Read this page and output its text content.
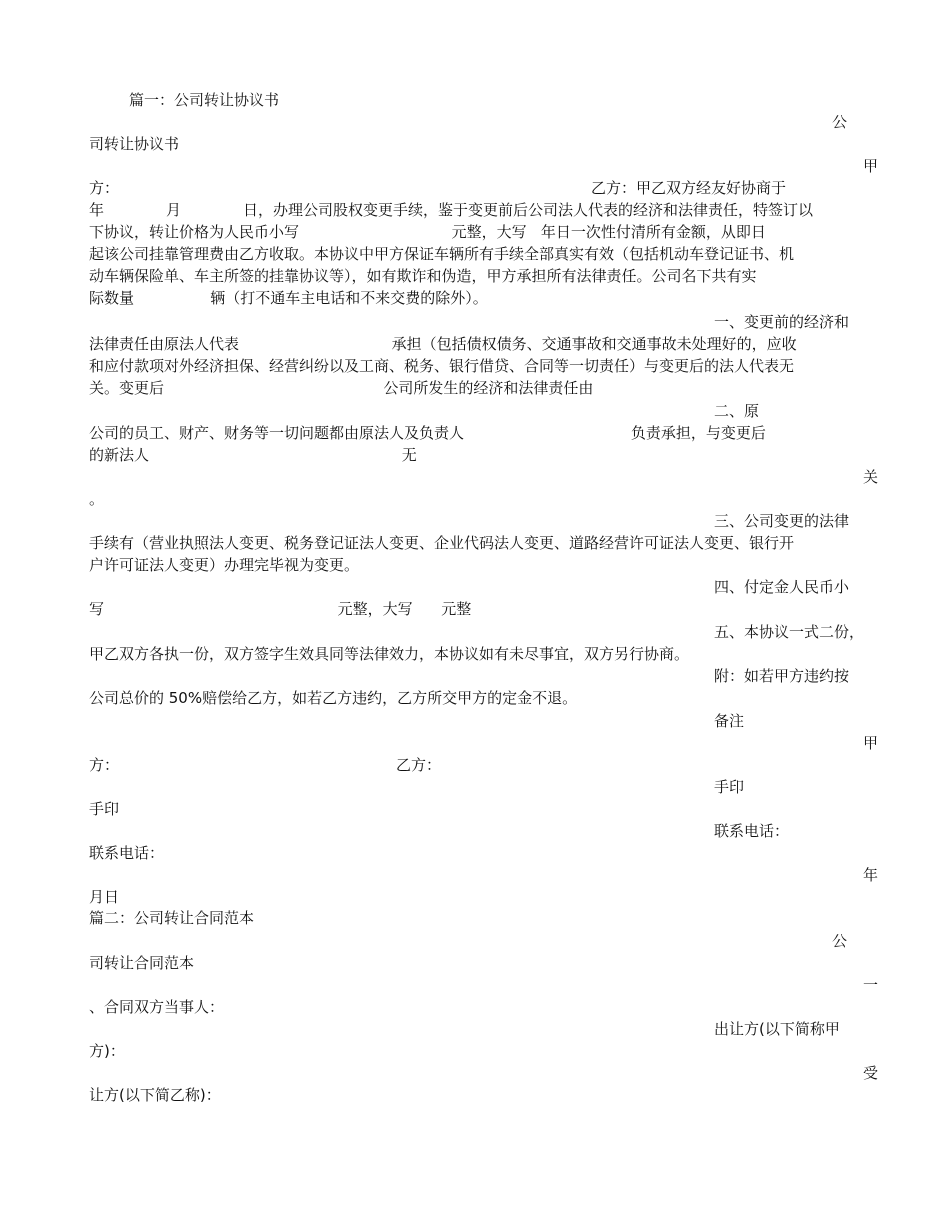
篇一：公司转让协议书
公
司转让协议书
甲
方：	乙方：甲乙双方经友好协商于
年             月             日，办理公司股权变更手续，鉴于变更前后公司法人代表的经济和法律责任，特签订以
下协议，转让价格为人民币小写                                元整，大写   年日一次性付清所有金额，从即日
起该公司挂靠管理费由乙方收取。本协议中甲方保证车辆所有手续全部真实有效（包括机动车登记证书、机
动车辆保险单、车主所签的挂靠协议等），如有欺诈和伪造，甲方承担所有法律责任。公司名下共有实
际数量                辆（打不通车主电话和不来交费的除外）。
一、变更前的经济和
法律责任由原法人代表                                承担（包括债权债务、交通事故和交通事故未处理好的，应收
和应付款项对外经济担保、经营纠纷以及工商、税务、银行借贷、合同等一切责任）与变更后的法人代表无
关。变更后                                              公司所发生的经济和法律责任由
二、原
公司的员工、财产、财务等一切问题都由原法人及负责人                                   负责承担，与变更后
的新法人                                                     无
关
。
三、公司变更的法律
手续有（营业执照法人变更、税务登记证法人变更、企业代码法人变更、道路经营许可证法人变更、银行开
户许可证法人变更）办理完毕视为变更。
四、付定金人民币小
写                                                 元整，大写      元整
五、本协议一式二份，
甲乙双方各执一份，双方签字生效具同等法律效力，本协议如有未尽事宜，双方另行协商。
附：如若甲方违约按
公司总价的 50%赔偿给乙方，如若乙方违约，乙方所交甲方的定金不退。
备注
甲
方：	乙方：
手印
手印
联系电话：
联系电话：
年
月日
篇二：公司转让合同范本
公
司转让合同范本
一
、合同双方当事人：
出让方(以下简称甲
方)：
受
让方(以下简乙称)：
